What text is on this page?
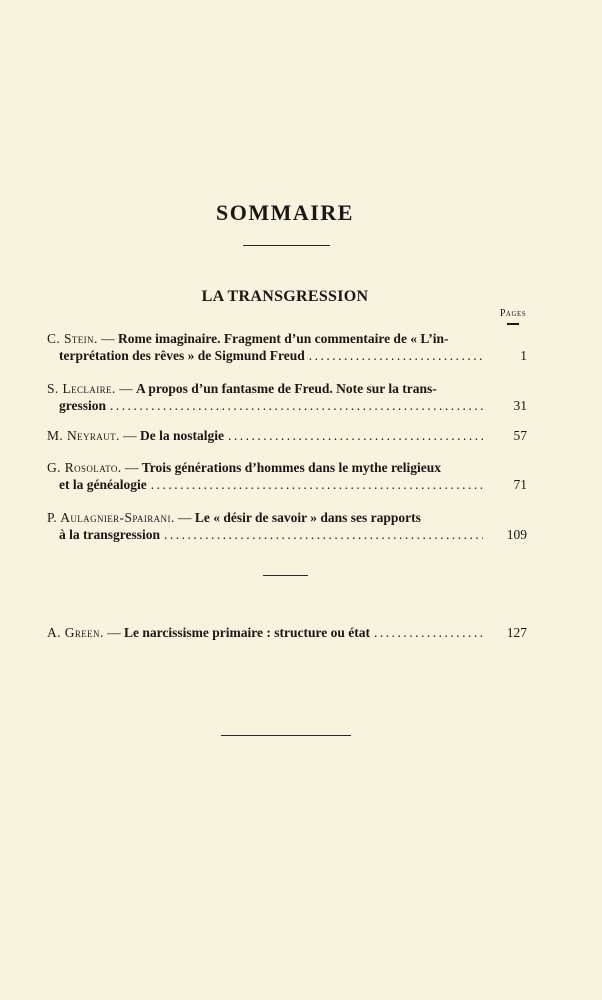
SOMMAIRE
LA TRANSGRESSION
Pages
C. Stein. — Rome imaginaire. Fragment d’un commentaire de « L’in-
terprétation des rêves » de Sigmund Freud .....	1
S. Leclaire. — A propos d’un fantasme de Freud. Note sur la trans-
gression .....	31
M. Neyraut. — De la nostalgie .....	57
G. Rosolato. — Trois générations d’hommes dans le mythe religieux
et la généalogie .....	71
P. Aulagnier-Spairani. — Le « désir de savoir » dans ses rapports
à la transgression .....	109
A. Green. — Le narcissisme primaire : structure ou état .....	127
